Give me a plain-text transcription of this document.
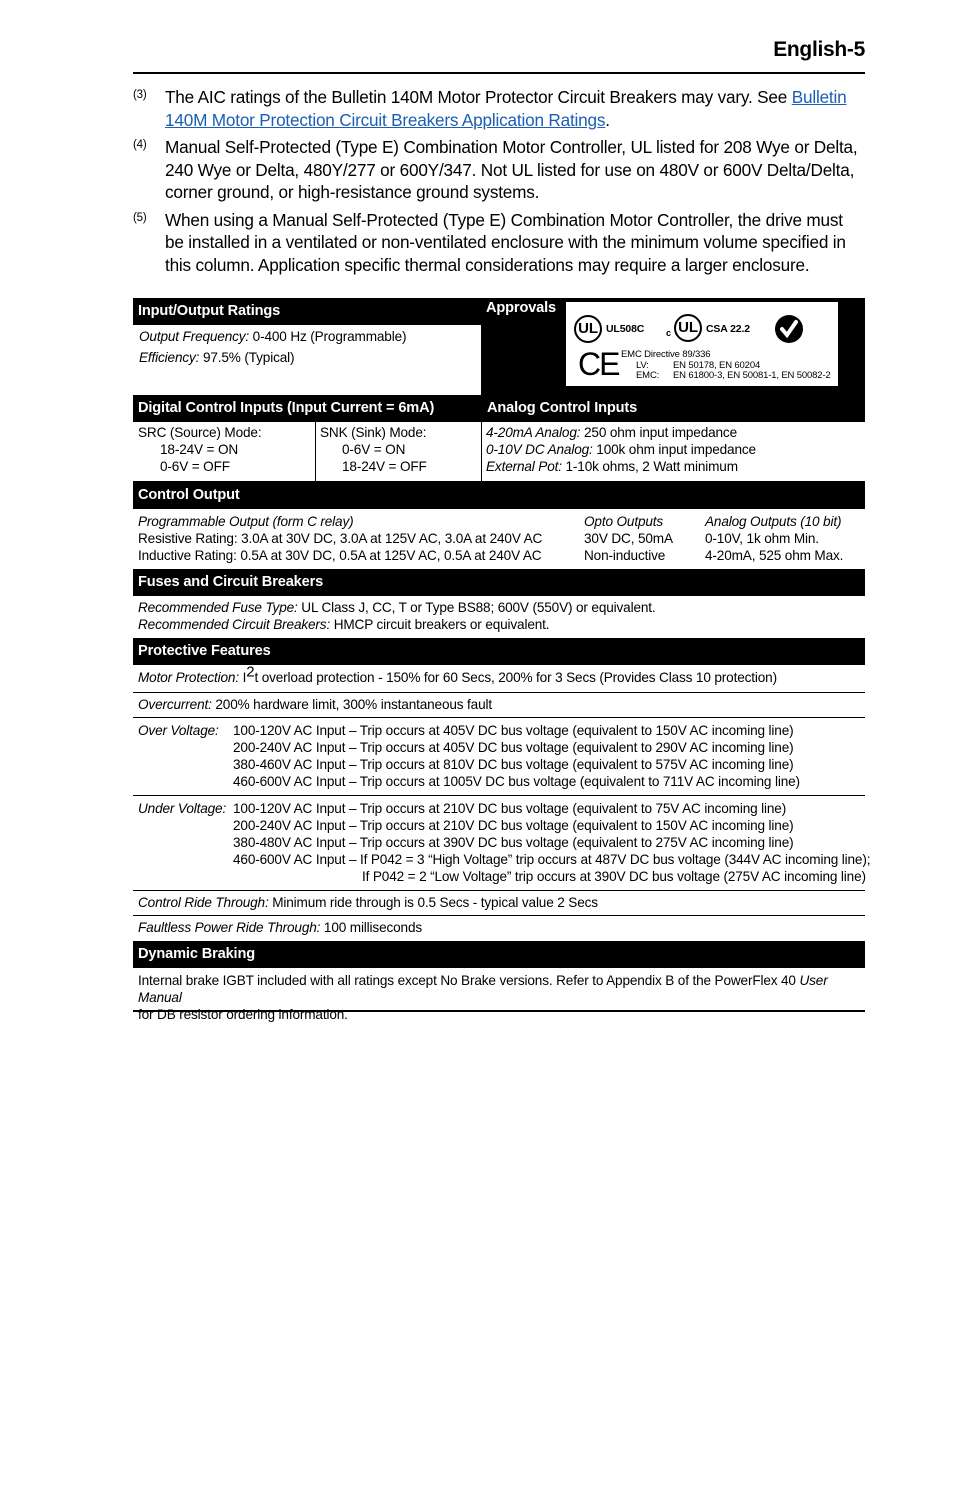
English-5
(3) The AIC ratings of the Bulletin 140M Motor Protector Circuit Breakers may vary. See Bulletin 140M Motor Protection Circuit Breakers Application Ratings.
(4) Manual Self-Protected (Type E) Combination Motor Controller, UL listed for 208 Wye or Delta, 240 Wye or Delta, 480Y/277 or 600Y/347. Not UL listed for use on 480V or 600V Delta/Delta, corner ground, or high-resistance ground systems.
(5) When using a Manual Self-Protected (Type E) Combination Motor Controller, the drive must be installed in a ventilated or non-ventilated enclosure with the minimum volume specified in this column. Application specific thermal considerations may require a larger enclosure.
Input/Output Ratings
Output Frequency: 0-400 Hz (Programmable)
Efficiency: 97.5% (Typical)
Approvals
UL UL508C c UL CSA 22.2
CE EMC Directive 89/336
LV:	EN 50178, EN 60204
EMC: EN 61800-3, EN 50081-1, EN 50082-2
Digital Control Inputs (Input Current = 6mA)
SRC (Source) Mode:
18-24V = ON
0-6V = OFF
SNK (Sink) Mode:
0-6V = ON
18-24V = OFF
Analog Control Inputs
4-20mA Analog: 250 ohm input impedance
0-10V DC Analog: 100k ohm input impedance
External Pot: 1-10k ohms, 2 Watt minimum
Control Output
Programmable Output (form C relay)
Resistive Rating: 3.0A at 30V DC, 3.0A at 125V AC, 3.0A at 240V AC
Inductive Rating: 0.5A at 30V DC, 0.5A at 125V AC, 0.5A at 240V AC
Opto Outputs
30V DC, 50mA
Non-inductive
Analog Outputs (10 bit)
0-10V, 1k ohm Min.
4-20mA, 525 ohm Max.
Fuses and Circuit Breakers
Recommended Fuse Type: UL Class J, CC, T or Type BS88; 600V (550V) or equivalent.
Recommended Circuit Breakers: HMCP circuit breakers or equivalent.
Protective Features
Motor Protection: $I^2t$ overload protection - 150% for 60 Secs, 200% for 3 Secs (Provides Class 10 protection)
Overcurrent: 200% hardware limit, 300% instantaneous fault
Over Voltage: 100-120V AC Input – Trip occurs at 405V DC bus voltage (equivalent to 150V AC incoming line)
200-240V AC Input – Trip occurs at 405V DC bus voltage (equivalent to 290V AC incoming line)
380-460V AC Input – Trip occurs at 810V DC bus voltage (equivalent to 575V AC incoming line)
460-600V AC Input – Trip occurs at 1005V DC bus voltage (equivalent to 711V AC incoming line)
Under Voltage: 100-120V AC Input – Trip occurs at 210V DC bus voltage (equivalent to 75V AC incoming line)
200-240V AC Input – Trip occurs at 210V DC bus voltage (equivalent to 150V AC incoming line)
380-480V AC Input – Trip occurs at 390V DC bus voltage (equivalent to 275V AC incoming line)
460-600V AC Input – If P042 = 3 “High Voltage” trip occurs at 487V DC bus voltage (344V AC incoming line);
If P042 = 2 “Low Voltage” trip occurs at 390V DC bus voltage (275V AC incoming line)
Control Ride Through: Minimum ride through is 0.5 Secs - typical value 2 Secs
Faultless Power Ride Through: 100 milliseconds
Dynamic Braking
Internal brake IGBT included with all ratings except No Brake versions. Refer to Appendix B of the PowerFlex 40 User Manual
for DB resistor ordering information.
